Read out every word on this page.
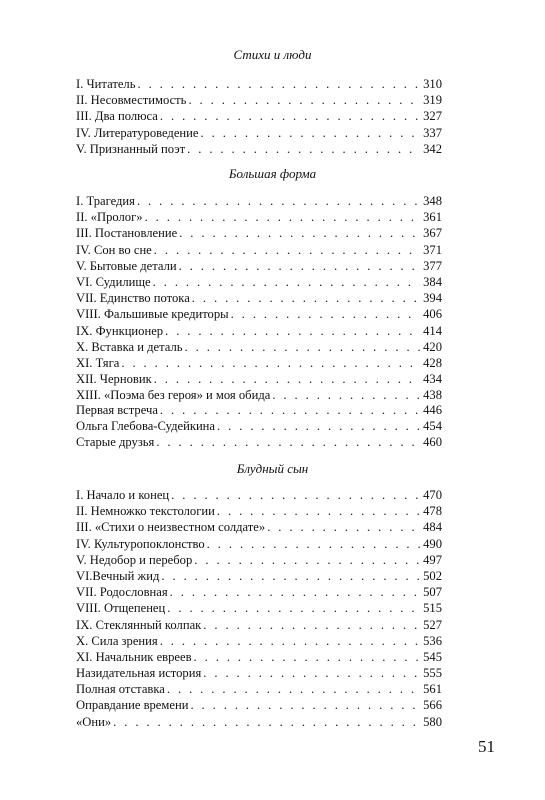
Стихи и люди
I. Читатель . . .	310
II. Несовместимость . . .	319
III. Два полюса . . .	327
IV. Литературоведение . . .	337
V. Признанный поэт . . .	342
Большая форма
I. Трагедия . . .	348
II. «Пролог» . . .	361
III. Постановление . . .	367
IV. Сон во сне . . .	371
V. Бытовые детали . . .	377
VI. Судилище . . .	384
VII. Единство потока . . .	394
VIII. Фальшивые кредиторы . . .	406
IX. Функционер . . .	414
X. Вставка и деталь . . .	420
XI. Тяга . . .	428
XII. Черновик . . .	434
XIII. «Поэма без героя» и моя обида . . .	438
Первая встреча . . .	446
Ольга Глебова-Судейкина . . .	454
Старые друзья . . .	460
Блудный сын
I. Начало и конец . . .	470
II. Немножко текстологии . . .	478
III. «Стихи о неизвестном солдате» . . .	484
IV. Культуропоклонство . . .	490
V. Недобор и перебор . . .	497
VI.Вечный жид . . .	502
VII. Родословная . . .	507
VIII. Отщепенец . . .	515
IX. Стеклянный колпак . . .	527
X. Сила зрения . . .	536
XI. Начальник евреев . . .	545
Назидательная история . . .	555
Полная отставка . . .	561
Оправдание времени . . .	566
«Они» . . .	580
51
